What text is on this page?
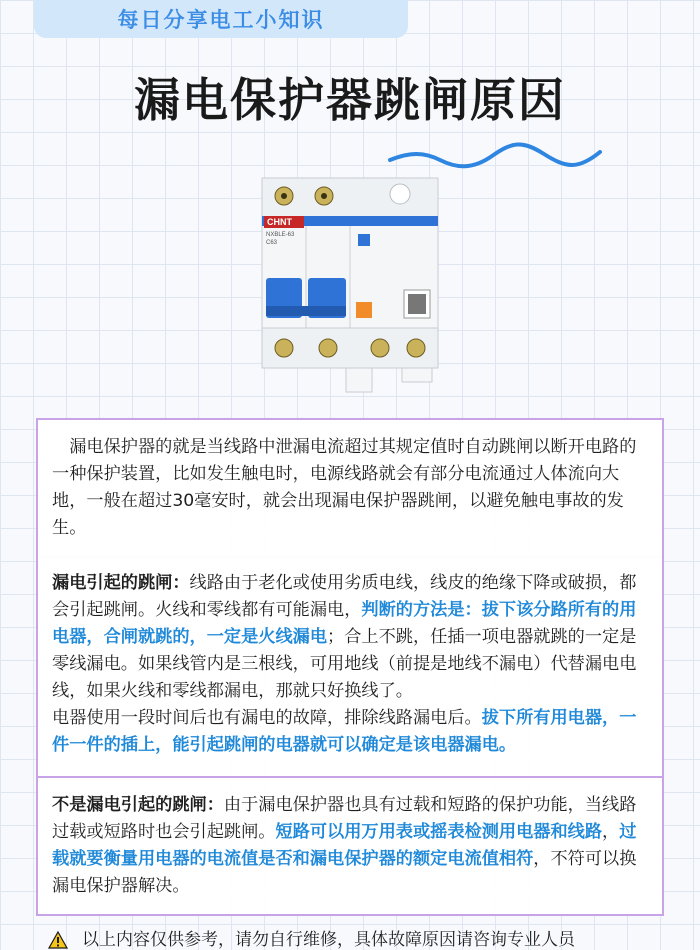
每日分享电工小知识
漏电保护器跳闸原因
CHNT
NXBLE-63
C63

 漏电保护器的就是当线路中泄漏电流超过其规定值时自动跳闸以断开电路的一种保护装置，比如发生触电时，电源线路就会有部分电流通过人体流向大地，一般在超过30毫安时，就会出现漏电保护器跳闸，以避免触电事故的发生。

漏电引起的跳闸：线路由于老化或使用劣质电线，线皮的绝缘下降或破损，都会引起跳闸。火线和零线都有可能漏电，判断的方法是：拔下该分路所有的用电器，合闸就跳的，一定是火线漏电；合上不跳，任插一项电器就跳的一定是零线漏电。如果线管内是三根线，可用地线（前提是地线不漏电）代替漏电电线，如果火线和零线都漏电，那就只好换线了。

电器使用一段时间后也有漏电的故障，排除线路漏电后。拔下所有用电器，一件一件的插上，能引起跳闸的电器就可以确定是该电器漏电。

不是漏电引起的跳闸：由于漏电保护器也具有过载和短路的保护功能，当线路过载或短路时也会引起跳闸。短路可以用万用表或摇表检测用电器和线路，过载就要衡量用电器的电流值是否和漏电保护器的额定电流值相符，不符可以换漏电保护器解决。

以上内容仅供参考，请勿自行维修，具体故障原因请咨询专业人员
